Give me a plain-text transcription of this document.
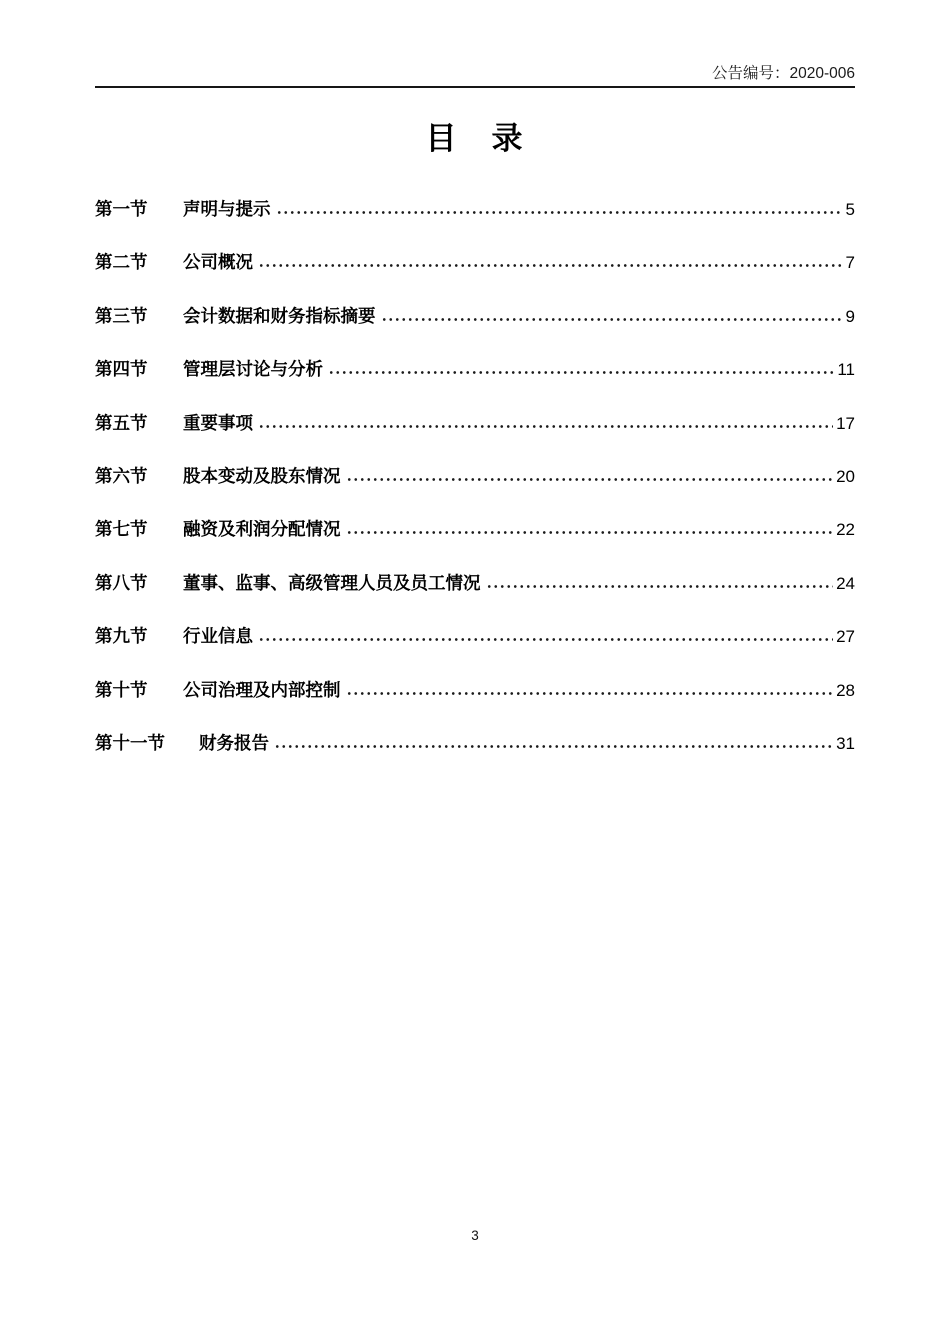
公告编号：2020-006
目　录
第一节	声明与提示	5
第二节	公司概况	7
第三节	会计数据和财务指标摘要	9
第四节	管理层讨论与分析	11
第五节	重要事项	17
第六节	股本变动及股东情况	20
第七节	融资及利润分配情况	22
第八节	董事、监事、高级管理人员及员工情况	24
第九节	行业信息	27
第十节	公司治理及内部控制	28
第十一节	财务报告	31
3
